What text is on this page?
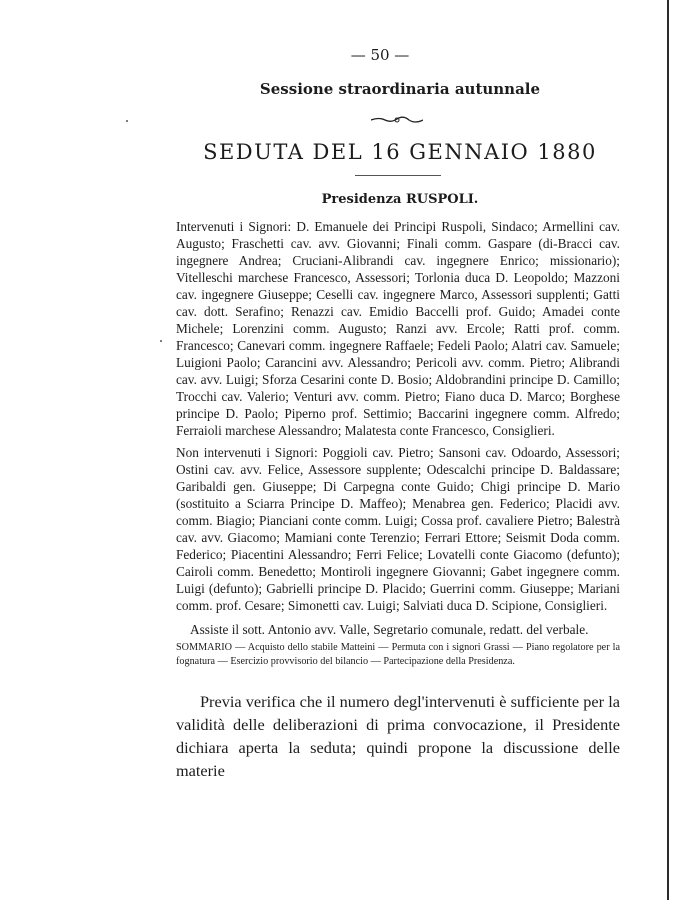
— 50 —
Sessione straordinaria autunnale
SEDUTA DEL 16 GENNAIO 1880
Presidenza RUSPOLI.
Intervenuti i Signori: D. Emanuele dei Principi Ruspoli, Sindaco; Armellini cav. Augusto; Fraschetti cav. avv. Giovanni; Finali comm. Gaspare (di-Bracci cav. ingegnere Andrea; Cruciani-Alibrandi cav. ingegnere Enrico; missionario); Vitelleschi marchese Francesco, Assessori; Torlonia duca D. Leopoldo; Mazzoni cav. ingegnere Giuseppe; Ceselli cav. ingegnere Marco, Assessori supplenti; Gatti cav. dott. Serafino; Renazzi cav. Emidio Baccelli prof. Guido; Amadei conte Michele; Lorenzini comm. Augusto; Ranzi avv. Ercole; Ratti prof. comm. Francesco; Canevari comm. ingegnere Raffaele; Fedeli Paolo; Alatri cav. Samuele; Luigioni Paolo; Carancini avv. Alessandro; Pericoli avv. comm. Pietro; Alibrandi cav. avv. Luigi; Sforza Cesarini conte D. Bosio; Aldobrandini principe D. Camillo; Trocchi cav. Valerio; Venturi avv. comm. Pietro; Fiano duca D. Marco; Borghese principe D. Paolo; Piperno prof. Settimio; Baccarini ingegnere comm. Alfredo; Ferraioli marchese Alessandro; Malatesta conte Francesco, Consiglieri.
Non intervenuti i Signori: Poggioli cav. Pietro; Sansoni cav. Odoardo, Assessori; Ostini cav. avv. Felice, Assessore supplente; Odescalchi principe D. Baldassare; Garibaldi gen. Giuseppe; Di Carpegna conte Guido; Chigi principe D. Mario (sostituito a Sciarra Principe D. Maffeo); Menabrea gen. Federico; Placidi avv. comm. Biagio; Pianciani conte comm. Luigi; Cossa prof. cavaliere Pietro; Balestrà cav. avv. Giacomo; Mamiani conte Terenzio; Ferrari Ettore; Seismit Doda comm. Federico; Piacentini Alessandro; Ferri Felice; Lovatelli conte Giacomo (defunto); Cairoli comm. Benedetto; Montiroli ingegnere Giovanni; Gabet ingegnere comm. Luigi (defunto); Gabrielli principe D. Placido; Guerrini comm. Giuseppe; Mariani comm. prof. Cesare; Simonetti cav. Luigi; Salviati duca D. Scipione, Consiglieri.
Assiste il sott. Antonio avv. Valle, Segretario comunale, redatt. del verbale.
SOMMARIO — Acquisto dello stabile Matteini — Permuta con i signori Grassi — Piano regolatore per la fognatura — Esercizio provvisorio del bilancio — Partecipazione della Presidenza.
Previa verifica che il numero degl'intervenuti è sufficiente per la validità delle deliberazioni di prima convocazione, il Presidente dichiara aperta la seduta; quindi propone la discussione delle materie
